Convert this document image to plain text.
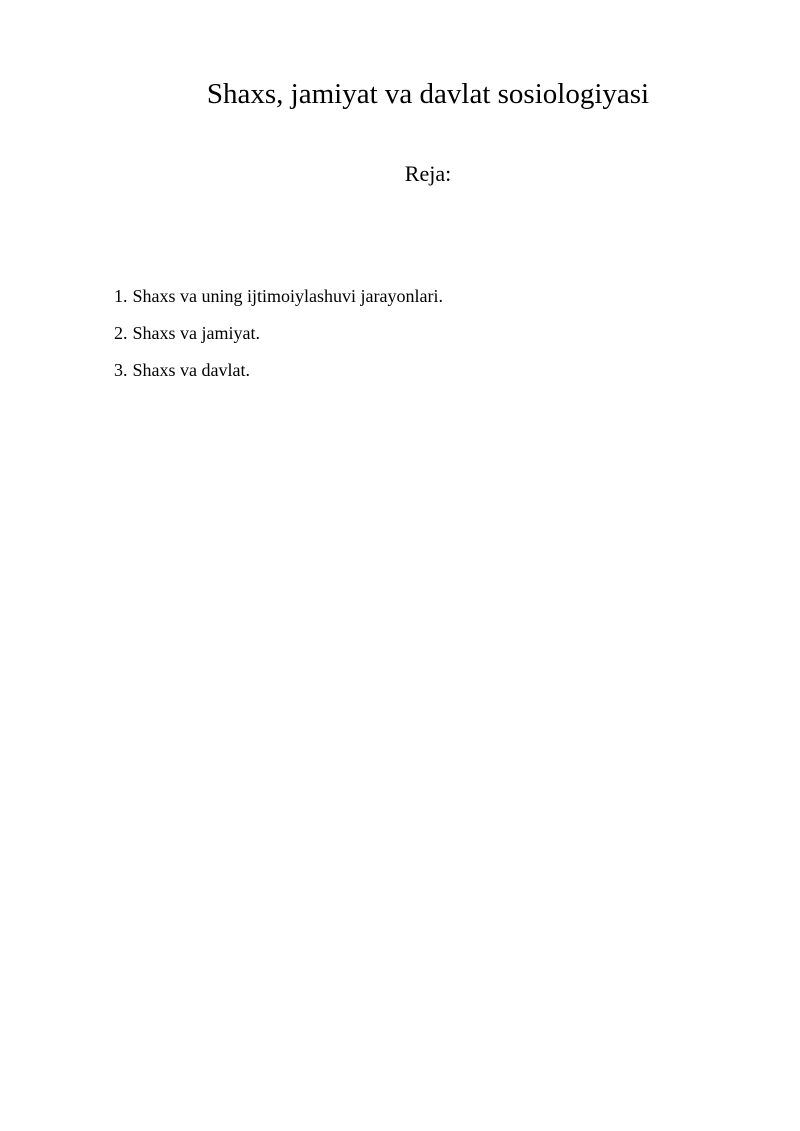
Shaxs, jamiyat va davlat sosiologiyasi
Reja:
1. Shaxs va uning ijtimoiylashuvi jarayonlari.
2. Shaxs va jamiyat.
3. Shaxs va davlat.
